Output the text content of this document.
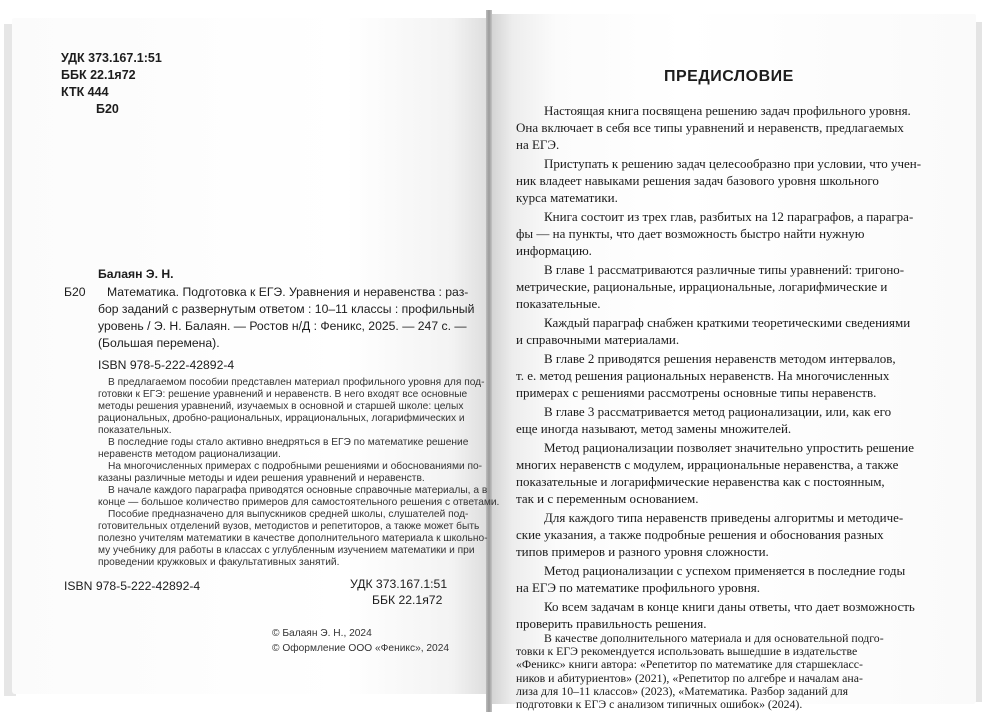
УДК 373.167.1:51
ББК 22.1я72
КТК 444
Б20
Балаян Э. Н.
Б20 Математика. Подготовка к ЕГЭ. Уравнения и неравенства : раз-
бор заданий с развернутым ответом : 10–11 классы : профильный
уровень / Э. Н. Балаян. — Ростов н/Д : Феникс, 2025. — 247 с. —
(Большая перемена).
ISBN 978-5-222-42892-4
В предлагаемом пособии представлен материал профильного уровня для под-
готовки к ЕГЭ: решение уравнений и неравенств. В него входят все основные
методы решения уравнений, изучаемых в основной и старшей школе: целых
рациональных, дробно-рациональных, иррациональных, логарифмических и
показательных.
В последние годы стало активно внедряться в ЕГЭ по математике решение
неравенств методом рационализации.
На многочисленных примерах с подробными решениями и обоснованиями по-
казаны различные методы и идеи решения уравнений и неравенств.
В начале каждого параграфа приводятся основные справочные материалы, а в
конце — большое количество примеров для самостоятельного решения с ответами.
Пособие предназначено для выпускников средней школы, слушателей под-
готовительных отделений вузов, методистов и репетиторов, а также может быть
полезно учителям математики в качестве дополнительного материала к школьно-
му учебнику для работы в классах с углубленным изучением математики и при
проведении кружковых и факультативных занятий.
ISBN 978-5-222-42892-4	УДК 373.167.1:51
ББК 22.1я72
© Балаян Э. Н., 2024
© Оформление ООО «Феникс», 2024
ПРЕДИСЛОВИЕ
Настоящая книга посвящена решению задач профильного уровня.
Она включает в себя все типы уравнений и неравенств, предлагаемых
на ЕГЭ.
Приступать к решению задач целесообразно при условии, что учен-
ник владеет навыками решения задач базового уровня школьного
курса математики.
Книга состоит из трех глав, разбитых на 12 параграфов, а парагра-
фы — на пункты, что дает возможность быстро найти нужную
информацию.
В главе 1 рассматриваются различные типы уравнений: тригоно-
метрические, рациональные, иррациональные, логарифмические и
показательные.
Каждый параграф снабжен краткими теоретическими сведениями
и справочными материалами.
В главе 2 приводятся решения неравенств методом интервалов,
т. е. метод решения рациональных неравенств. На многочисленных
примерах с решениями рассмотрены основные типы неравенств.
В главе 3 рассматривается метод рационализации, или, как его
еще иногда называют, метод замены множителей.
Метод рационализации позволяет значительно упростить решение
многих неравенств с модулем, иррациональные неравенства, а также
показательные и логарифмические неравенства как с постоянным,
так и с переменным основанием.
Для каждого типа неравенств приведены алгоритмы и методиче-
ские указания, а также подробные решения и обоснования разных
типов примеров и разного уровня сложности.
Метод рационализации с успехом применяется в последние годы
на ЕГЭ по математике профильного уровня.
Ко всем задачам в конце книги даны ответы, что дает возможность
проверить правильность решения.
В качестве дополнительного материала и для основательной подго-
товки к ЕГЭ рекомендуется использовать вышедшие в издательстве
«Феникс» книги автора: «Репетитор по математике для старшекласс-
ников и абитуриентов» (2021), «Репетитор по алгебре и началам ана-
лиза для 10–11 классов» (2023), «Математика. Разбор заданий для
подготовки к ЕГЭ с анализом типичных ошибок» (2024).
